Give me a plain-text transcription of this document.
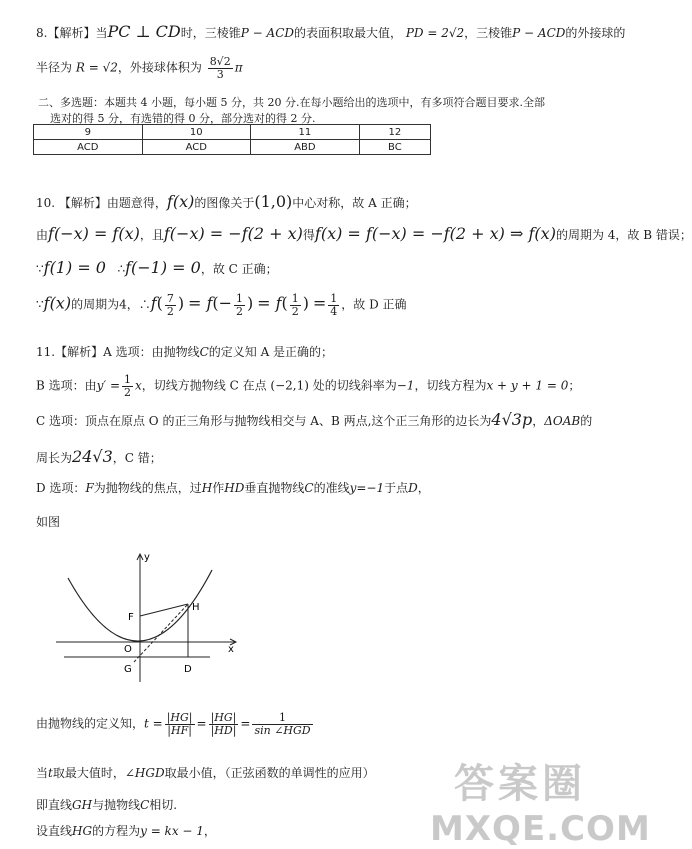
8.【解析】当PC ⊥ CD时，三棱锥P − ACD的表面积取最大值， PD = 2√2，三棱锥P − ACD的外接球的
半径为 R = √2，外接球体积为 $\frac{8√2}{3}$ π
二、多选题：本题共 4 小题，每小题 5 分，共 20 分.在每小题给出的选项中，有多项符合题目要求.全部
选对的得 5 分，有选错的得 0 分，部分选对的得 2 分.
9	10	11	12
ACD	ACD	ABD	BC
10. 【解析】由题意得，f(x)的图像关于(1,0)中心对称，故 A 正确；
由f(−x) = f(x)，且f(−x) = −f(2 + x)得f(x) = f(−x) = −f(2 + x) ⇒ f(x)的周期为 4，故 B 错误；
∵f(1) = 0 ∴f(−1) = 0，故 C 正确；
∵f(x)的周期为4，∴f( $\frac{7}{2}$ ) = $f(- \frac{1}{2}$ ) = $f( \frac{1}{2}$ ) = $\frac{1}{4}$ ，故 D 正确
11.【解析】A 选项：由抛物线C的定义知 A 是正确的；
B 选项：由$y' = \frac{1}{2}$ x，切线方抛物线 C 在点 (−2,1) 处的切线斜率为−1，切线方程为x + y + 1 = 0；
C 选项：顶点在原点 O 的正三角形与抛物线相交与 A、B 两点,这个正三角形的边长为4√3p，ΔOAB的
周长为24√3，C 错；
D 选项：F为抛物线的焦点，过H作HD垂直抛物线C的准线y=−1于点D，
如图
y
x
O
F
H
G	D
由抛物线的定义知，$t = \frac{|HG|}{|HF|} = \frac{|HG|}{|HD|} = \frac{1}{\text{sin ∠HGD}}$
当t取最大值时，∠HGD取最小值，（正弦函数的单调性的应用）
即直线GH与抛物线C相切.
设直线HG的方程为y = kx − 1，
答案圈
MXQE.COM
